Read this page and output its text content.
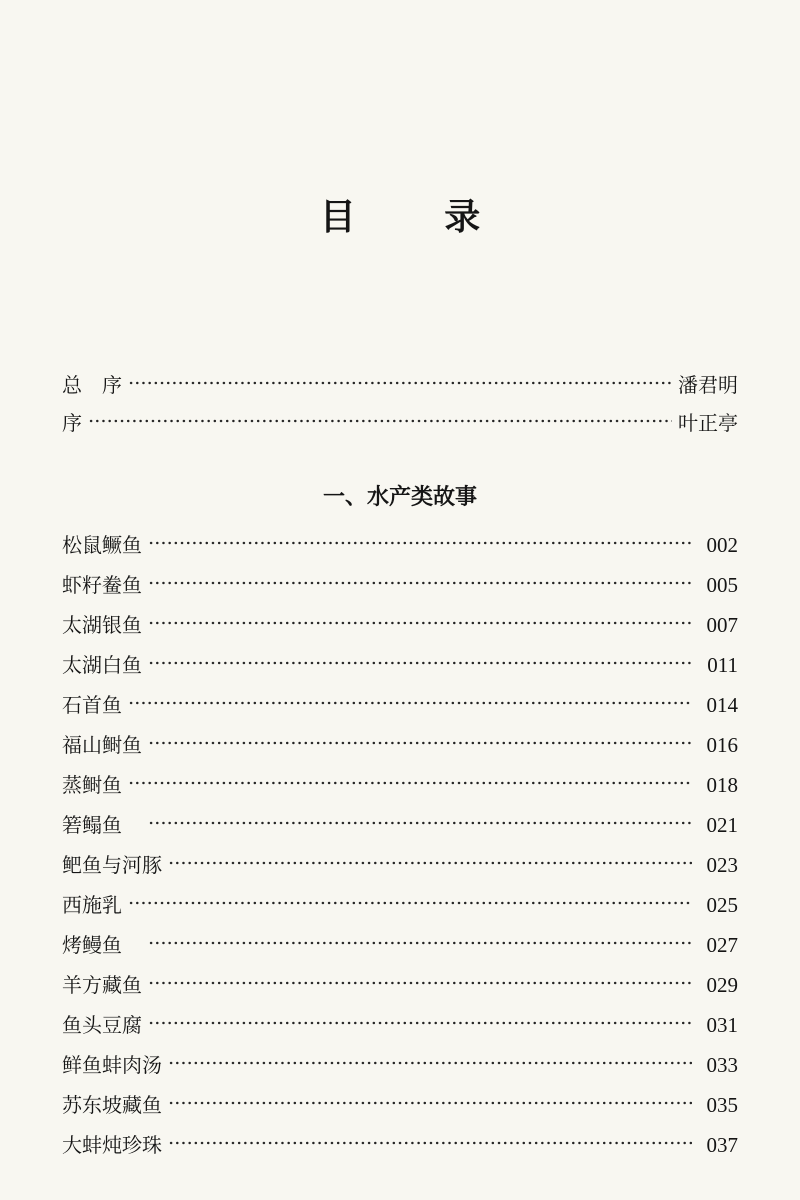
目 录
总　序	潘君明
序	叶正亭
一、水产类故事
松鼠鳜鱼	002
虾籽鲞鱼	005
太湖银鱼	007
太湖白鱼	011
石首鱼	014
福山鲥鱼	016
蒸鲥鱼	018
箬鳎鱼　	021
鲃鱼与河豚	023
西施乳	025
烤鳗鱼　	027
羊方藏鱼	029
鱼头豆腐	031
鲜鱼蚌肉汤	033
苏东坡藏鱼	035
大蚌炖珍珠	037
